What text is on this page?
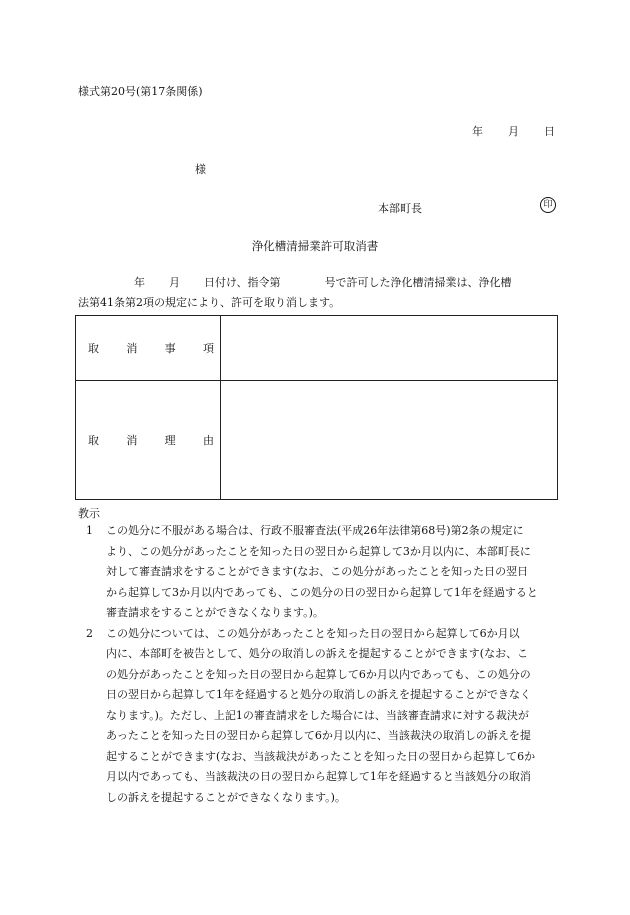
様式第20号(第17条関係)
年 月 日
様
本部町長	印
浄化槽清掃業許可取消書
年 月 日付け、指令第	号で許可した浄化槽清掃業は、浄化槽
法第41条第2項の規定により、許可を取り消します。
取 消 事 項	

取 消 理 由	

教示
1 この処分に不服がある場合は、行政不服審査法(平成26年法律第68号)第2条の規定に
より、この処分があったことを知った日の翌日から起算して3か月以内に、本部町長に
対して審査請求をすることができます(なお、この処分があったことを知った日の翌日
から起算して3か月以内であっても、この処分の日の翌日から起算して1年を経過すると
審査請求をすることができなくなります。)。
2 この処分については、この処分があったことを知った日の翌日から起算して6か月以
内に、本部町を被告として、処分の取消しの訴えを提起することができます(なお、こ
の処分があったことを知った日の翌日から起算して6か月以内であっても、この処分の
日の翌日から起算して1年を経過すると処分の取消しの訴えを提起することができなく
なります。)。ただし、上記1の審査請求をした場合には、当該審査請求に対する裁決が
あったことを知った日の翌日から起算して6か月以内に、当該裁決の取消しの訴えを提
起することができます(なお、当該裁決があったことを知った日の翌日から起算して6か
月以内であっても、当該裁決の日の翌日から起算して1年を経過すると当該処分の取消
しの訴えを提起することができなくなります。)。
